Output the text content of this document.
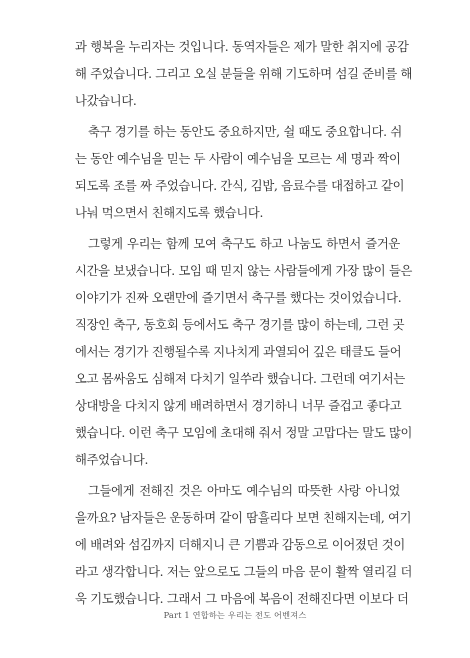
과 행복을 누리자는 것입니다. 동역자들은 제가 말한 취지에 공감
해 주었습니다. 그리고 오실 분들을 위해 기도하며 섬길 준비를 해
나갔습니다.
축구 경기를 하는 동안도 중요하지만, 쉴 때도 중요합니다. 쉬
는 동안 예수님을 믿는 두 사람이 예수님을 모르는 세 명과 짝이
되도록 조를 짜 주었습니다. 간식, 김밥, 음료수를 대접하고 같이
나눠 먹으면서 친해지도록 했습니다.
그렇게 우리는 함께 모여 축구도 하고 나눔도 하면서 즐거운
시간을 보냈습니다. 모임 때 믿지 않는 사람들에게 가장 많이 들은
이야기가 진짜 오랜만에 즐기면서 축구를 했다는 것이었습니다.
직장인 축구, 동호회 등에서도 축구 경기를 많이 하는데, 그런 곳
에서는 경기가 진행될수록 지나치게 과열되어 깊은 태클도 들어
오고 몸싸움도 심해져 다치기 일쑤라 했습니다. 그런데 여기서는
상대방을 다치지 않게 배려하면서 경기하니 너무 즐겁고 좋다고
했습니다. 이런 축구 모임에 초대해 줘서 정말 고맙다는 말도 많이
해주었습니다.
그들에게 전해진 것은 아마도 예수님의 따뜻한 사랑 아니었
을까요? 남자들은 운동하며 같이 땀흘리다 보면 친해지는데, 여기
에 배려와 섬김까지 더해지니 큰 기쁨과 감동으로 이어졌던 것이
라고 생각합니다. 저는 앞으로도 그들의 마음 문이 활짝 열리길 더
욱 기도했습니다. 그래서 그 마음에 복음이 전해진다면 이보다 더
Part 1 연합하는 우리는 전도 어벤져스
